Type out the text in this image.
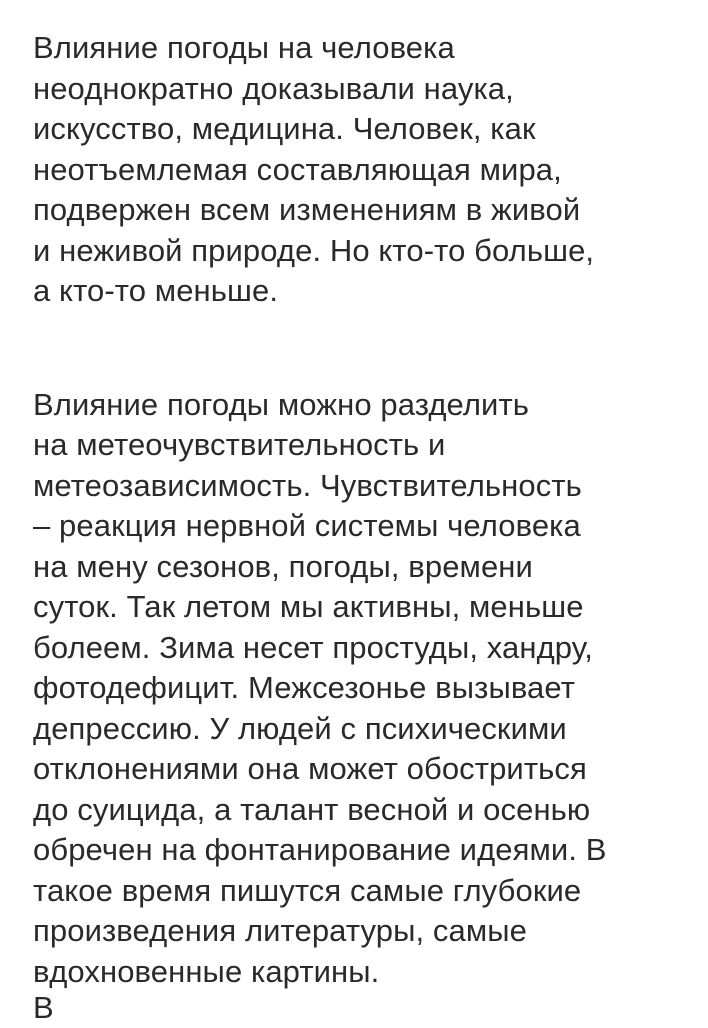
Влияние погоды на человека
неоднократно доказывали наука,
искусство, медицина. Человек, как
неотъемлемая составляющая мира,
подвержен всем изменениям в живой
и неживой природе. Но кто-то больше,
а кто-то меньше.
Влияние погоды можно разделить
на метеочувствительность и
метеозависимость. Чувствительность
– реакция нервной системы человека
на мену сезонов, погоды, времени
суток. Так летом мы активны, меньше
болеем. Зима несет простуды, хандру,
фотодефицит. Межсезонье вызывает
депрессию. У людей с психическими
отклонениями она может обостриться
до суицида, а талант весной и осенью
обречен на фонтанирование идеями. В
такое время пишутся самые глубокие
произведения литературы, самые
вдохновенные картины.
В
